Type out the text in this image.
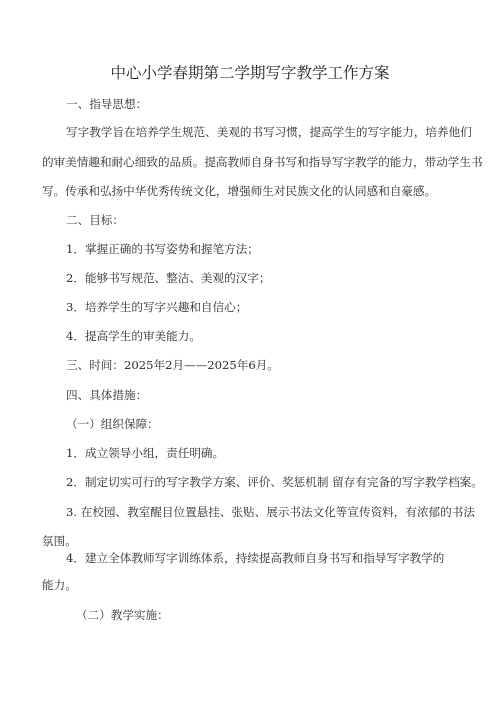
中心小学春期第二学期写字教学工作方案
一、指导思想：
写字教学旨在培养学生规范、美观的书写习惯，提高学生的写字能力，培养他们
的审美情趣和耐心细致的品质。提高教师自身书写和指导写字教学的能力，带动学生书
写。传承和弘扬中华优秀传统文化，增强师生对民族文化的认同感和自豪感。
二、目标：
1．掌握正确的书写姿势和握笔方法；
2．能够书写规范、整洁、美观的汉字；
3．培养学生的写字兴趣和自信心；
4．提高学生的审美能力。
三、时间：2025年2月——2025年6月。
四、具体措施：
（一）组织保障：
1．成立领导小组，责任明确。
2．制定切实可行的写字教学方案、评价、奖惩机制 留存有完备的写字教学档案。
3. 在校园、教室醒目位置悬挂、张贴、展示书法文化等宣传资料，有浓郁的书法
氛围。
4．建立全体教师写字训练体系，持续提高教师自身书写和指导写字教学的
能力。
（二）教学实施：
